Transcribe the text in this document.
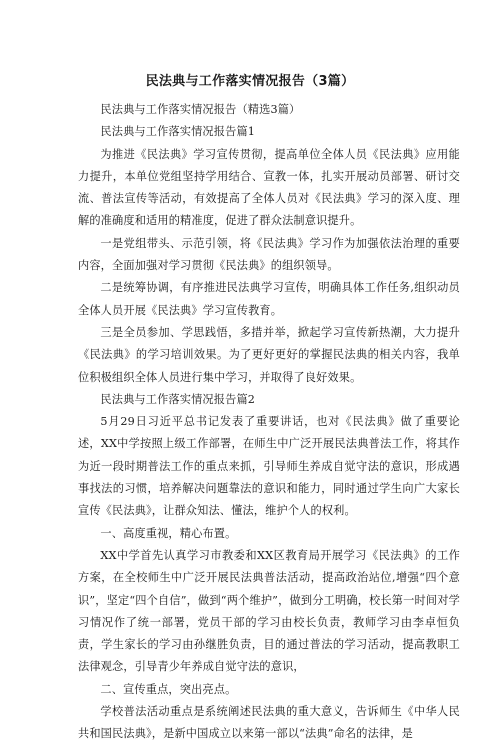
民法典与工作落实情况报告（3篇）

民法典与工作落实情况报告（精选3篇）

民法典与工作落实情况报告篇1

为推进《民法典》学习宣传贯彻，提高单位全体人员《民法典》应用能力提升，本单位党组坚持学用结合、宣教一体，扎实开展动员部署、研讨交流、普法宣传等活动，有效提高了全体人员对《民法典》学习的深入度、理解的准确度和适用的精准度，促进了群众法制意识提升。

一是党组带头、示范引领，将《民法典》学习作为加强依法治理的重要内容，全面加强对学习贯彻《民法典》的组织领导。

二是统筹协调，有序推进民法典学习宣传，明确具体工作任务,组织动员全体人员开展《民法典》学习宣传教育。

三是全员参加、学思践悟，多措并举，掀起学习宣传新热潮，大力提升《民法典》的学习培训效果。为了更好更好的掌握民法典的相关内容，我单位积极组织全体人员进行集中学习，并取得了良好效果。

民法典与工作落实情况报告篇2

5月29日习近平总书记发表了重要讲话，也对《民法典》做了重要论述，XX中学按照上级工作部署，在师生中广泛开展民法典普法工作，将其作为近一段时期普法工作的重点来抓，引导师生养成自觉守法的意识，形成遇事找法的习惯，培养解决问题靠法的意识和能力，同时通过学生向广大家长宣传《民法典》，让群众知法、懂法，维护个人的权利。

一、高度重视，精心布置。

XX中学首先认真学习市教委和XX区教育局开展学习《民法典》的工作方案，在全校师生中广泛开展民法典普法活动，提高政治站位,增强“四个意识”，坚定“四个自信”，做到“两个维护”，做到分工明确，校长第一时间对学习情况作了统一部署，党员干部的学习由校长负责，教师学习由李卓恒负责，学生家长的学习由孙继胜负责，目的通过普法的学习活动，提高教职工法律观念，引导青少年养成自觉守法的意识，

二、宣传重点，突出亮点。

学校普法活动重点是系统阐述民法典的重大意义，告诉师生《中华人民共和国民法典》，是新中国成立以来第一部以“法典”命名的法律，是
